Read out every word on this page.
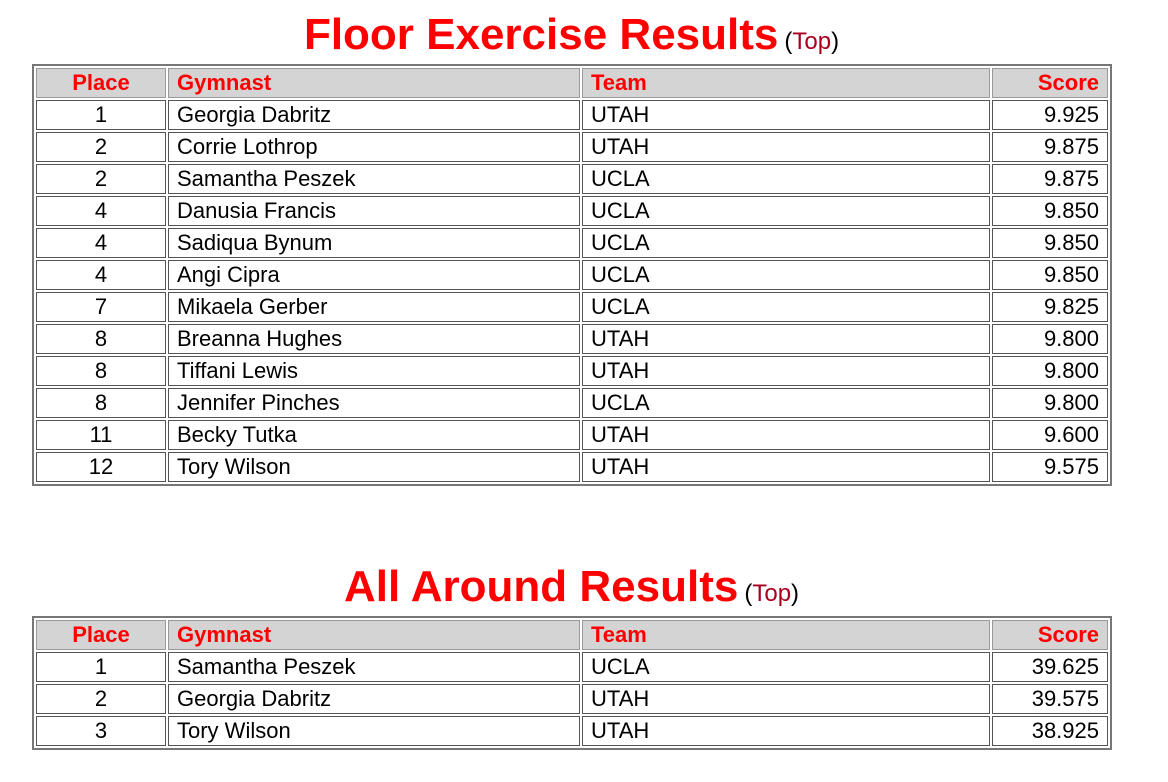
Floor Exercise Results (Top)
Place	Gymnast	Team	Score
1	Georgia Dabritz	UTAH	9.925
2	Corrie Lothrop	UTAH	9.875
2	Samantha Peszek	UCLA	9.875
4	Danusia Francis	UCLA	9.850
4	Sadiqua Bynum	UCLA	9.850
4	Angi Cipra	UCLA	9.850
7	Mikaela Gerber	UCLA	9.825
8	Breanna Hughes	UTAH	9.800
8	Tiffani Lewis	UTAH	9.800
8	Jennifer Pinches	UCLA	9.800
11	Becky Tutka	UTAH	9.600
12	Tory Wilson	UTAH	9.575
All Around Results (Top)
Place	Gymnast	Team	Score
1	Samantha Peszek	UCLA	39.625
2	Georgia Dabritz	UTAH	39.575
3	Tory Wilson	UTAH	38.925
